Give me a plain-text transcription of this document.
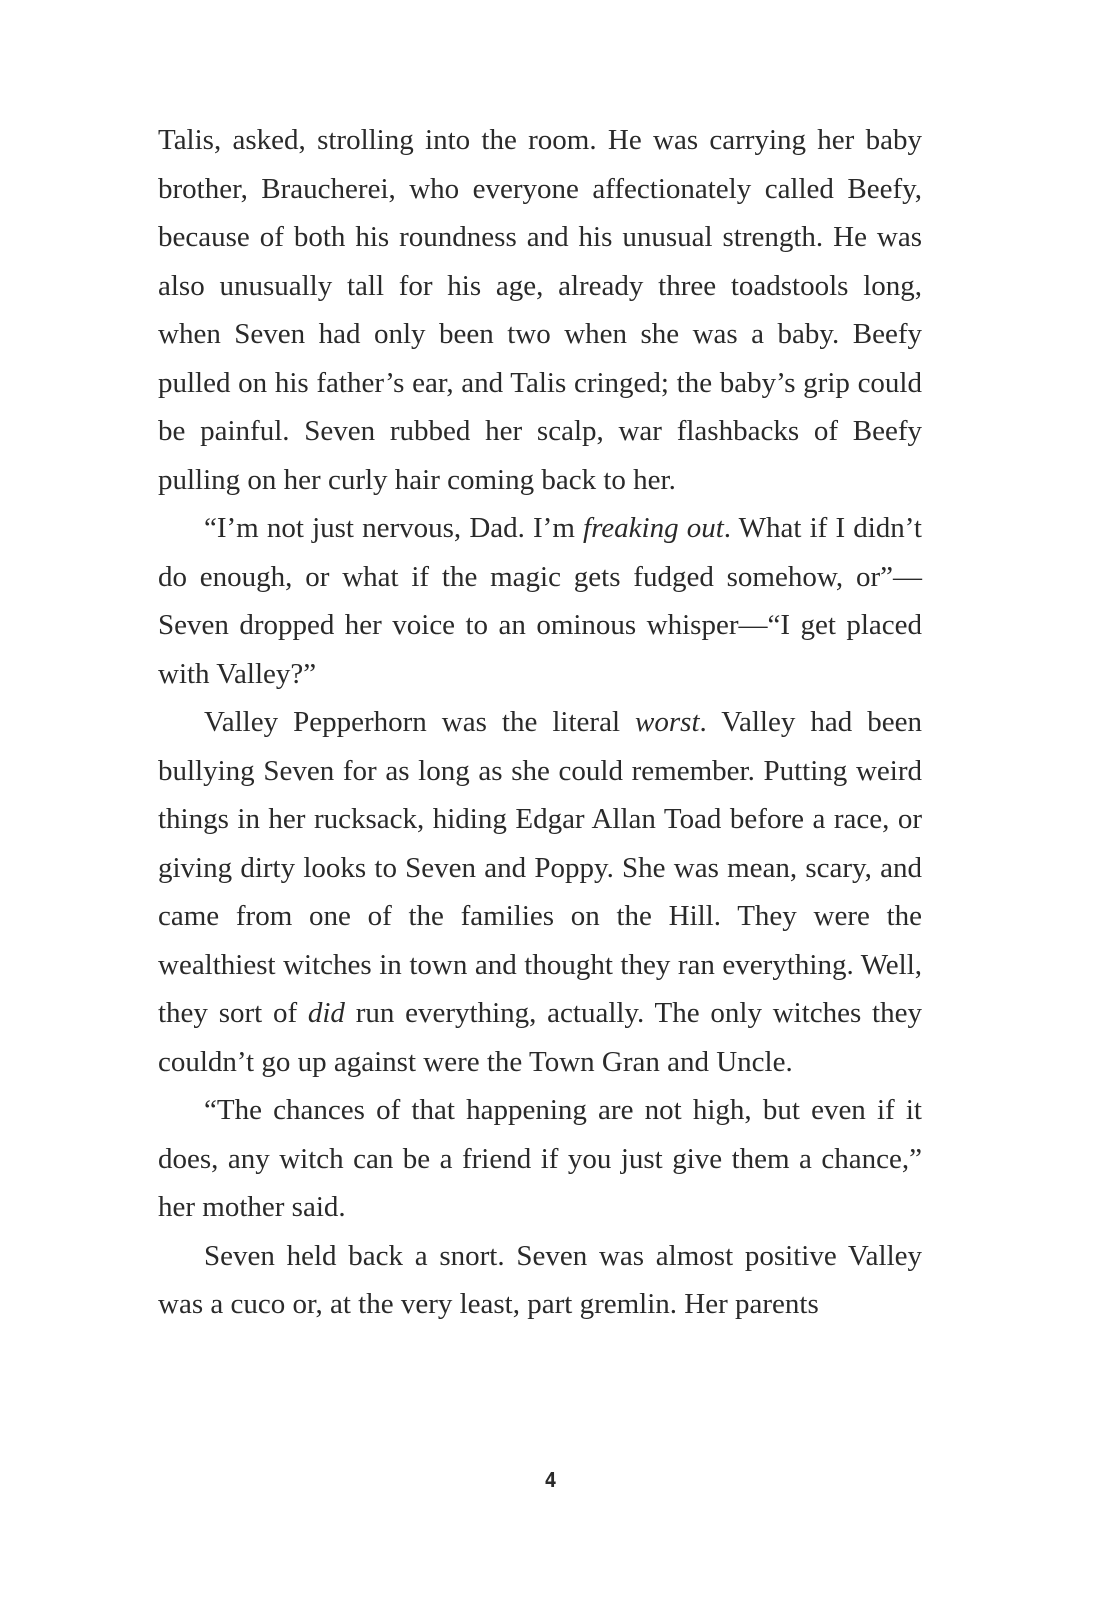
Talis, asked, strolling into the room. He was carrying her baby brother, Braucherei, who everyone affectionately called Beefy, because of both his roundness and his unusual strength. He was also unusually tall for his age, already three toadstools long, when Seven had only been two when she was a baby. Beefy pulled on his father’s ear, and Talis cringed; the baby’s grip could be painful. Seven rubbed her scalp, war flashbacks of Beefy pulling on her curly hair coming back to her.

“I’m not just nervous, Dad. I’m freaking out. What if I didn’t do enough, or what if the magic gets fudged somehow, or”—Seven dropped her voice to an ominous whisper—“I get placed with Valley?”

Valley Pepperhorn was the literal worst. Valley had been bullying Seven for as long as she could remember. Putting weird things in her rucksack, hiding Edgar Allan Toad before a race, or giving dirty looks to Seven and Poppy. She was mean, scary, and came from one of the families on the Hill. They were the wealthiest witches in town and thought they ran everything. Well, they sort of did run everything, actually. The only witches they couldn’t go up against were the Town Gran and Uncle.

“The chances of that happening are not high, but even if it does, any witch can be a friend if you just give them a chance,” her mother said.

Seven held back a snort. Seven was almost positive Valley was a cuco or, at the very least, part gremlin. Her parents

4
